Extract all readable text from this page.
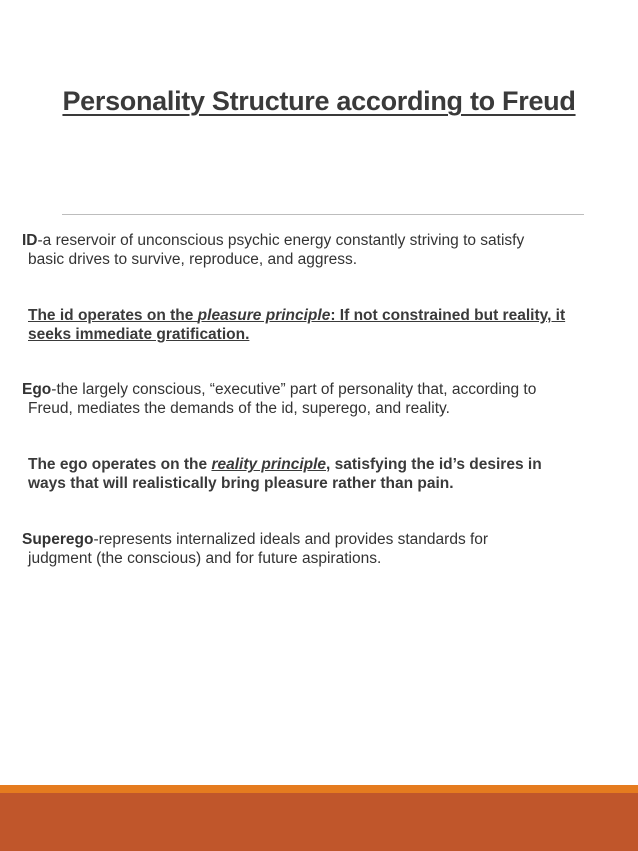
Personality Structure according to Freud
ID-a reservoir of unconscious psychic energy constantly striving to satisfy
basic drives to survive, reproduce, and aggress.
The id operates on the pleasure principle: If not constrained but reality, it
seeks immediate gratification.
Ego-the largely conscious, “executive” part of personality that, according to
Freud, mediates the demands of the id, superego, and reality.
The ego operates on the reality principle, satisfying the id’s desires in
ways that will realistically bring pleasure rather than pain.
Superego-represents internalized ideals and provides standards for
judgment (the conscious) and for future aspirations.
